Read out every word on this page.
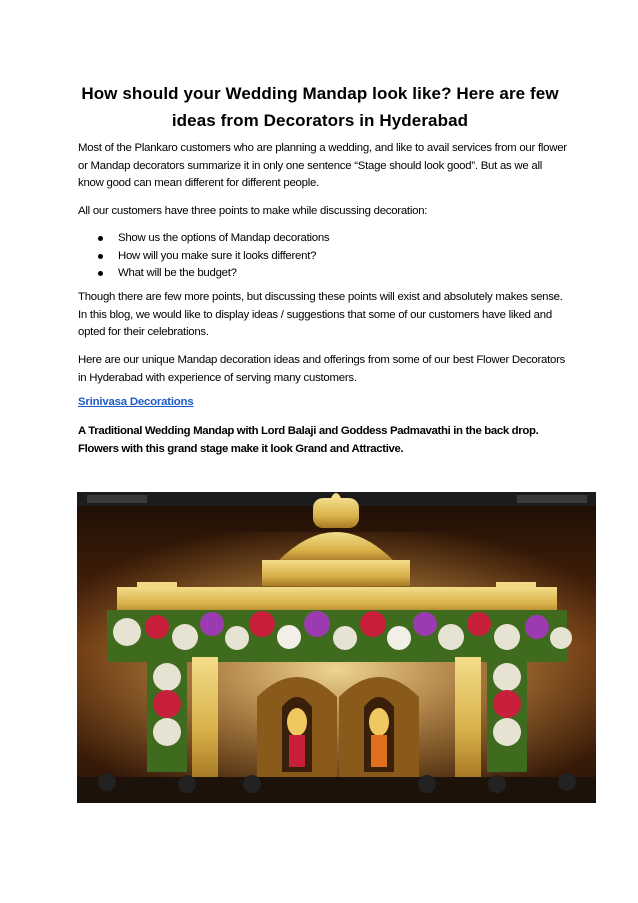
How should your Wedding Mandap look like? Here are few ideas from Decorators in Hyderabad
Most of the Plankaro customers who are planning a wedding, and like to avail services from our flower or Mandap decorators summarize it in only one sentence “Stage should look good”. But as we all know good can mean different for different people.
All our customers have three points to make while discussing decoration:
Show us the options of Mandap decorations
How will you make sure it looks different?
What will be the budget?
Though there are few more points, but discussing these points will exist and absolutely makes sense. In this blog, we would like to display ideas / suggestions that some of our customers have liked and opted for their celebrations.
Here are our unique Mandap decoration ideas and offerings from some of our best Flower Decorators in Hyderabad with experience of serving many customers.
Srinivasa Decorations
A Traditional Wedding Mandap with Lord Balaji and Goddess Padmavathi in the back drop. Flowers with this grand stage make it look Grand and Attractive.
